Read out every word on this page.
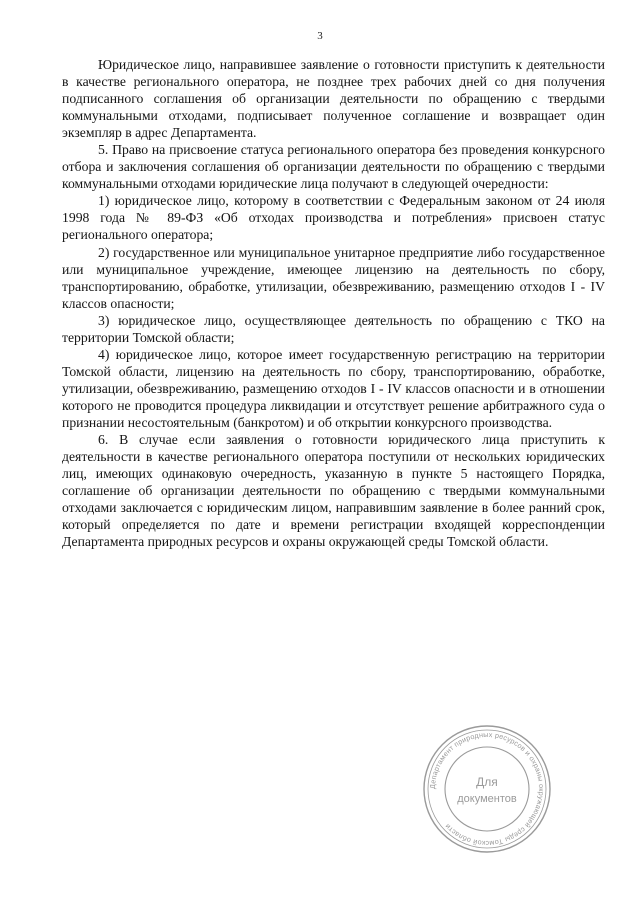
3

Юридическое лицо, направившее заявление о готовности приступить к деятельности в качестве регионального оператора, не позднее трех рабочих дней со дня получения подписанного соглашения об организации деятельности по обращению с твердыми коммунальными отходами, подписывает полученное соглашение и возвращает один экземпляр в адрес Департамента.

5. Право на присвоение статуса регионального оператора без проведения конкурсного отбора и заключения соглашения об организации деятельности по обращению с твердыми коммунальными отходами юридические лица получают в следующей очередности:

1) юридическое лицо, которому в соответствии с Федеральным законом от 24 июля 1998 года № 89-ФЗ «Об отходах производства и потребления» присвоен статус регионального оператора;

2) государственное или муниципальное унитарное предприятие либо государственное или муниципальное учреждение, имеющее лицензию на деятельность по сбору, транспортированию, обработке, утилизации, обезвреживанию, размещению отходов I - IV классов опасности;

3) юридическое лицо, осуществляющее деятельность по обращению с ТКО на территории Томской области;

4) юридическое лицо, которое имеет государственную регистрацию на территории Томской области, лицензию на деятельность по сбору, транспортированию, обработке, утилизации, обезвреживанию, размещению отходов I - IV классов опасности и в отношении которого не проводится процедура ликвидации и отсутствует решение арбитражного суда о признании несостоятельным (банкротом) и об открытии конкурсного производства.

6. В случае если заявления о готовности юридического лица приступить к деятельности в качестве регионального оператора поступили от нескольких юридических лиц, имеющих одинаковую очередность, указанную в пункте 5 настоящего Порядка, соглашение об организации деятельности по обращению с твердыми коммунальными отходами заключается с юридическим лицом, направившим заявление в более ранний срок, который определяется по дате и времени регистрации входящей корреспонденции Департамента природных ресурсов и охраны окружающей среды Томской области.

Департамент природных ресурсов и охраны окружающей среды Томской области
Для
документов
